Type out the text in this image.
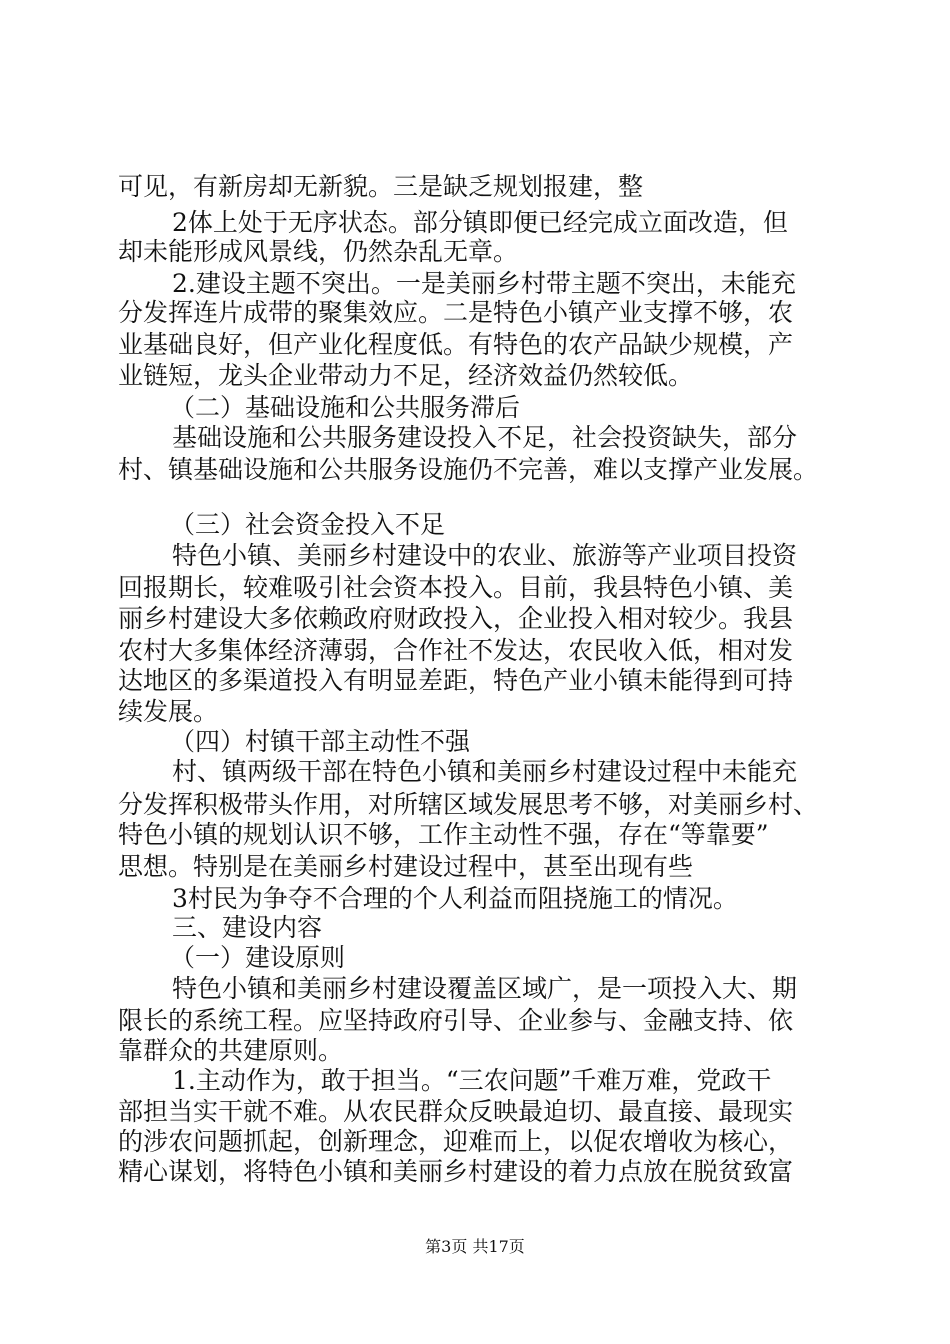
可见，有新房却无新貌。三是缺乏规划报建，整

2体上处于无序状态。部分镇即便已经完成立面改造，但

却未能形成风景线，仍然杂乱无章。

2.建设主题不突出。一是美丽乡村带主题不突出，未能充

分发挥连片成带的聚集效应。二是特色小镇产业支撑不够，农

业基础良好，但产业化程度低。有特色的农产品缺少规模，产

业链短，龙头企业带动力不足，经济效益仍然较低。

（二）基础设施和公共服务滞后

基础设施和公共服务建设投入不足，社会投资缺失，部分

村、镇基础设施和公共服务设施仍不完善，难以支撑产业发展。

（三）社会资金投入不足

特色小镇、美丽乡村建设中的农业、旅游等产业项目投资

回报期长，较难吸引社会资本投入。目前，我县特色小镇、美

丽乡村建设大多依赖政府财政投入，企业投入相对较少。我县

农村大多集体经济薄弱，合作社不发达，农民收入低，相对发

达地区的多渠道投入有明显差距，特色产业小镇未能得到可持

续发展。

（四）村镇干部主动性不强

村、镇两级干部在特色小镇和美丽乡村建设过程中未能充

分发挥积极带头作用，对所辖区域发展思考不够，对美丽乡村、

特色小镇的规划认识不够，工作主动性不强，存在“等靠要”

思想。特别是在美丽乡村建设过程中，甚至出现有些

3村民为争夺不合理的个人利益而阻挠施工的情况。

三、建设内容

（一）建设原则

特色小镇和美丽乡村建设覆盖区域广，是一项投入大、期

限长的系统工程。应坚持政府引导、企业参与、金融支持、依

靠群众的共建原则。

1.主动作为，敢于担当。“三农问题”千难万难，党政干

部担当实干就不难。从农民群众反映最迫切、最直接、最现实

的涉农问题抓起，创新理念，迎难而上，以促农增收为核心，

精心谋划，将特色小镇和美丽乡村建设的着力点放在脱贫致富

第3页 共17页
